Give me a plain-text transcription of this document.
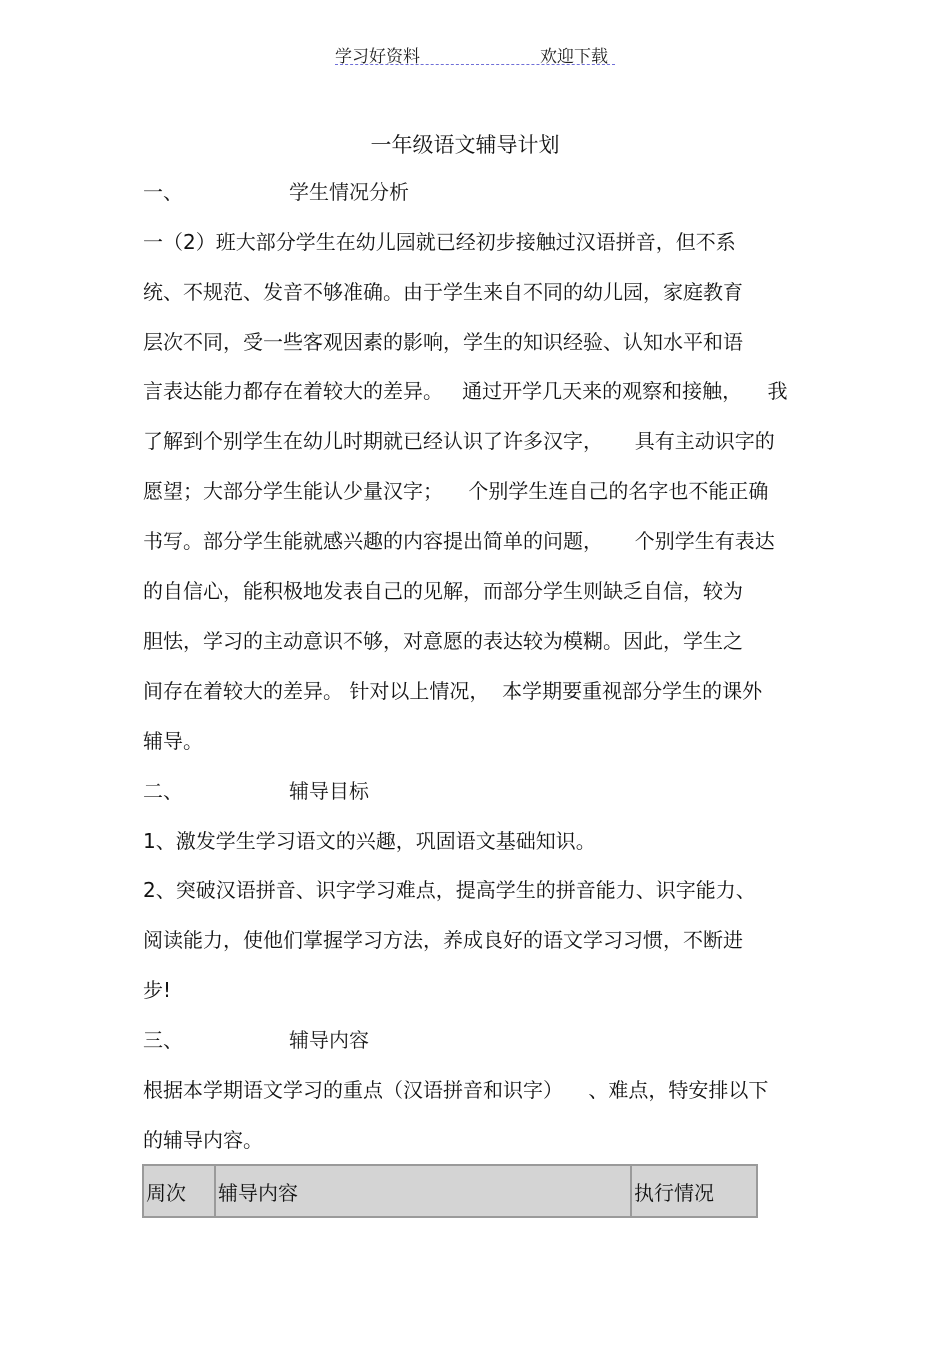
学习好资料	欢迎下载
一年级语文辅导计划
一、	学生情况分析
一（2）班大部分学生在幼儿园就已经初步接触过汉语拼音，但不系
统、不规范、发音不够准确。由于学生来自不同的幼儿园，家庭教育
层次不同，受一些客观因素的影响，学生的知识经验、认知水平和语
言表达能力都存在着较大的差异。   通过开学几天来的观察和接触，    我
了解到个别学生在幼儿时期就已经认识了许多汉字，     具有主动识字的
愿望；大部分学生能认少量汉字；    个别学生连自己的名字也不能正确
书写。部分学生能就感兴趣的内容提出简单的问题，     个别学生有表达
的自信心，能积极地发表自己的见解，而部分学生则缺乏自信，较为
胆怯，学习的主动意识不够，对意愿的表达较为模糊。因此，学生之
间存在着较大的差异。 针对以上情况，  本学期要重视部分学生的课外
辅导。
二、	辅导目标
1、激发学生学习语文的兴趣，巩固语文基础知识。
2、突破汉语拼音、识字学习难点，提高学生的拼音能力、识字能力、
阅读能力，使他们掌握学习方法，养成良好的语文学习习惯，不断进
步!
三、	辅导内容
根据本学期语文学习的重点（汉语拼音和识字）    、难点，特安排以下
的辅导内容。
周次	辅导内容	执行情况
